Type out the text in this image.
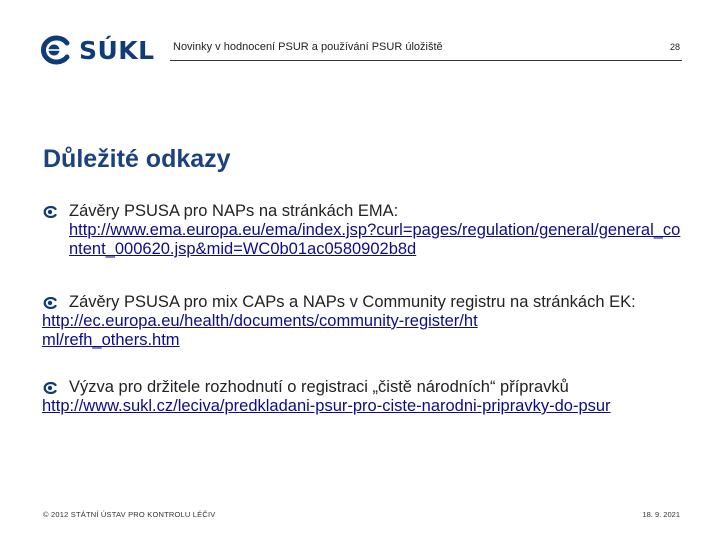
SÚKL Novinky v hodnocení PSUR a používání PSUR úložiště	28
Důležité odkazy
Závěry PSUSA pro NAPs na stránkách EMA:
http://www.ema.europa.eu/ema/index.jsp?curl=pages/regulation/general/general_content_000620.jsp&mid=WC0b01ac0580902b8d
Závěry PSUSA pro mix CAPs a NAPs v Community registru na stránkách EK:
http://ec.europa.eu/health/documents/community-register/html/refh_others.htm
Výzva pro držitele rozhodnutí o registraci „čistě národních“ přípravků
http://www.sukl.cz/leciva/predkladani-psur-pro-ciste-narodni-pripravky-do-psur
© 2012 STÁTNÍ ÚSTAV PRO KONTROLU LÉČIV	18. 9. 2021
